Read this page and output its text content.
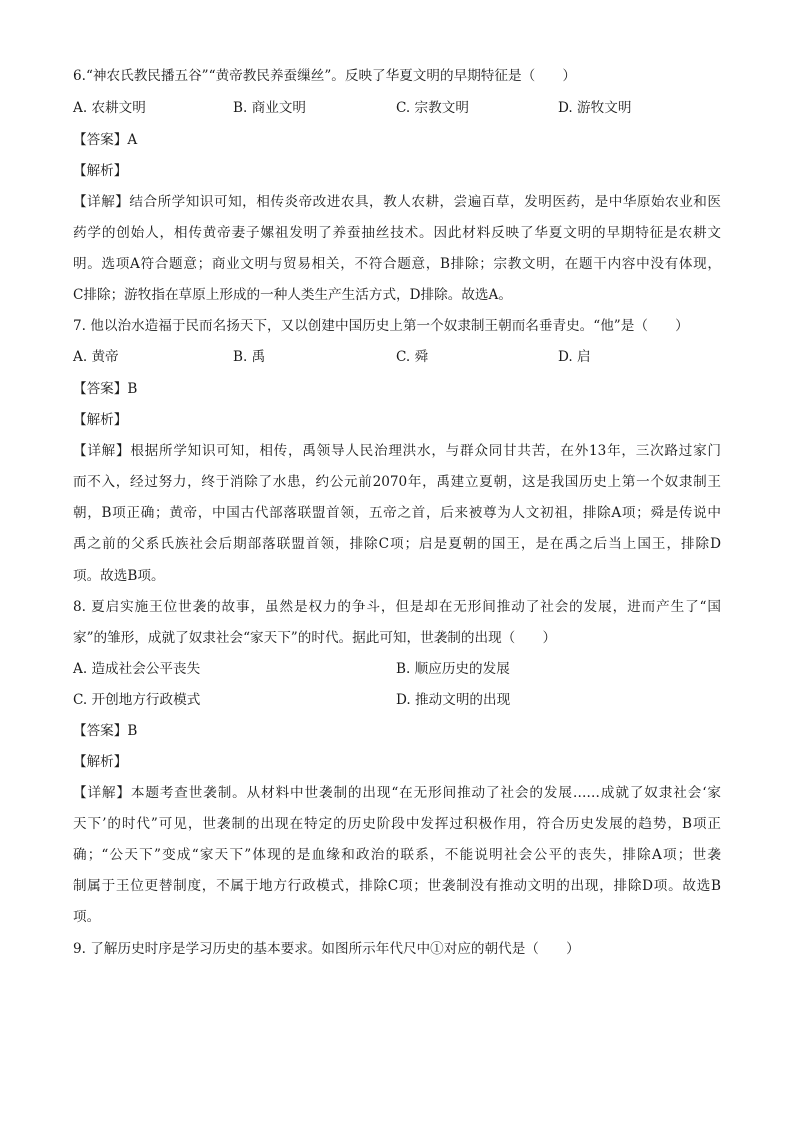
6.“神农氏教民播五谷”“黄帝教民养蚕缫丝”。反映了华夏文明的早期特征是（　　）
A. 农耕文明	B. 商业文明	C. 宗教文明	D. 游牧文明
【答案】A
【解析】
【详解】结合所学知识可知，相传炎帝改进农具，教人农耕，尝遍百草，发明医药，是中华原始农业和医
药学的创始人，相传黄帝妻子嫘祖发明了养蚕抽丝技术。因此材料反映了华夏文明的早期特征是农耕文
明。选项A符合题意；商业文明与贸易相关，不符合题意，B排除；宗教文明，在题干内容中没有体现，
C排除；游牧指在草原上形成的一种人类生产生活方式，D排除。故选A。
7. 他以治水造福于民而名扬天下，又以创建中国历史上第一个奴隶制王朝而名垂青史。“他”是（　　）
A. 黄帝	B. 禹	C. 舜	D. 启
【答案】B
【解析】
【详解】根据所学知识可知，相传，禹领导人民治理洪水，与群众同甘共苦，在外13年，三次路过家门
而不入，经过努力，终于消除了水患，约公元前2070年，禹建立夏朝，这是我国历史上第一个奴隶制王
朝，B项正确；黄帝，中国古代部落联盟首领，五帝之首，后来被尊为人文初祖，排除A项；舜是传说中
禹之前的父系氏族社会后期部落联盟首领，排除C项；启是夏朝的国王，是在禹之后当上国王，排除D
项。故选B项。
8. 夏启实施王位世袭的故事，虽然是权力的争斗，但是却在无形间推动了社会的发展，进而产生了“国
家”的雏形，成就了奴隶社会“家天下”的时代。据此可知，世袭制的出现（　　）
A. 造成社会公平丧失	B. 顺应历史的发展
C. 开创地方行政模式	D. 推动文明的出现
【答案】B
【解析】
【详解】本题考查世袭制。从材料中世袭制的出现“在无形间推动了社会的发展……成就了奴隶社会‘家
天下’的时代”可见，世袭制的出现在特定的历史阶段中发挥过积极作用，符合历史发展的趋势，B项正
确；“公天下”变成“家天下”体现的是血缘和政治的联系，不能说明社会公平的丧失，排除A项；世袭
制属于王位更替制度，不属于地方行政模式，排除C项；世袭制没有推动文明的出现，排除D项。故选B
项。
9. 了解历史时序是学习历史的基本要求。如图所示年代尺中①对应的朝代是（　　）
